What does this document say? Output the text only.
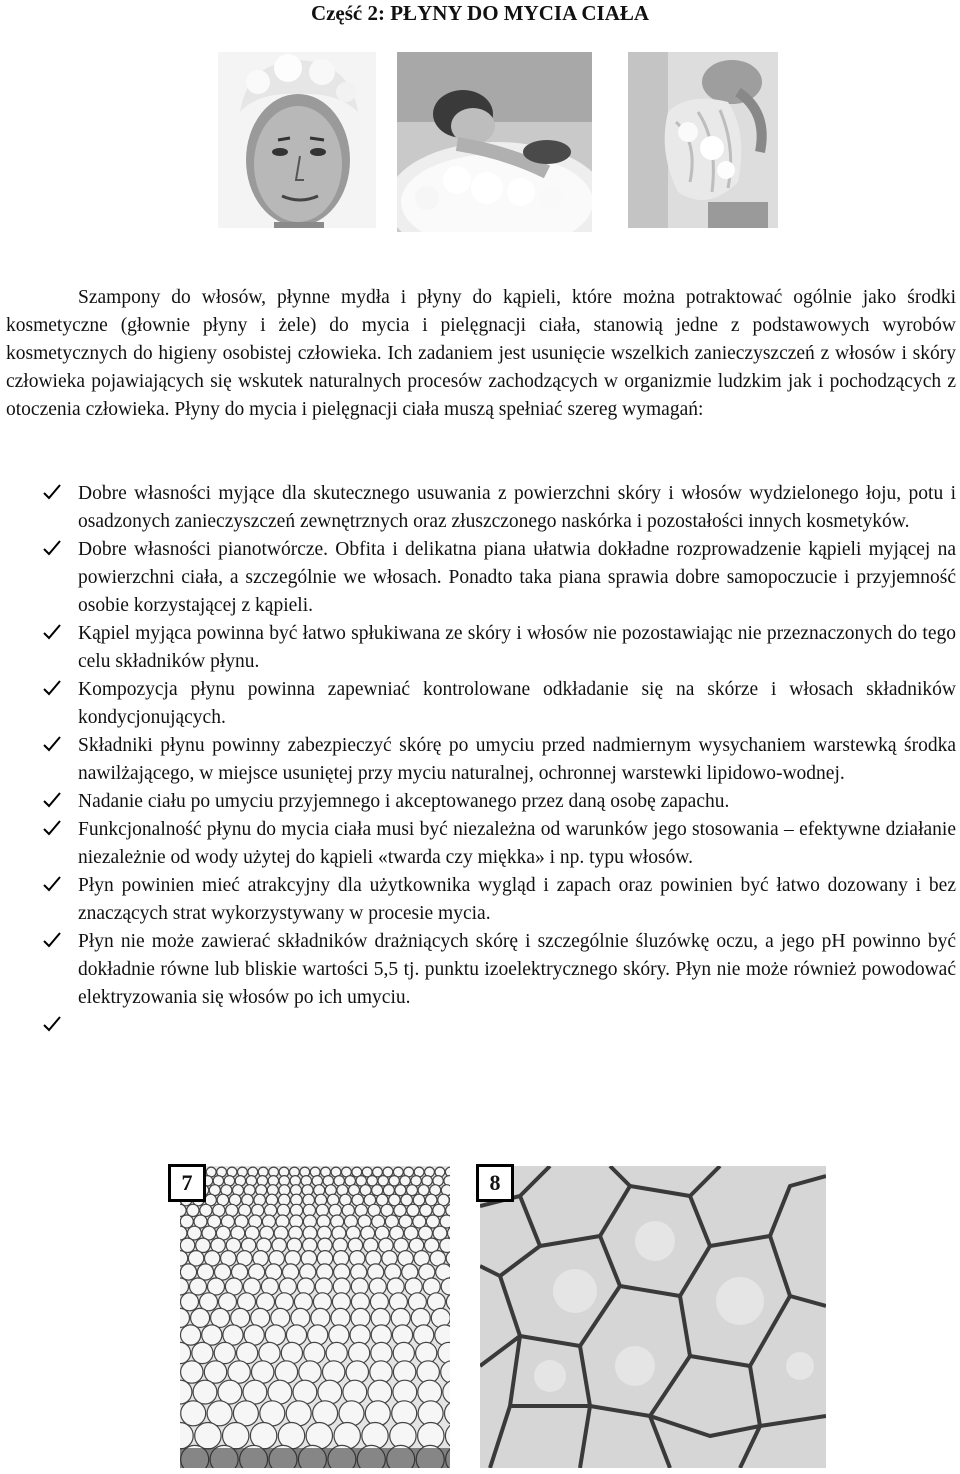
Część 2: PŁYNY DO MYCIA CIAŁA

Szampony do włosów, płynne mydła i płyny do kąpieli, które można potraktować ogólnie jako środki kosmetyczne (głownie płyny i żele) do mycia i pielęgnacji ciała, stanowią jedne z podstawowych wyrobów kosmetycznych do higieny osobistej człowieka. Ich zadaniem jest usunięcie wszelkich zanieczyszczeń z włosów i skóry człowieka pojawiających się wskutek naturalnych procesów zachodzących w organizmie ludzkim jak i pochodzących z otoczenia człowieka. Płyny do mycia i pielęgnacji ciała muszą spełniać szereg wymagań:

Dobre własności myjące dla skutecznego usuwania z powierzchni skóry i włosów wydzielonego łoju, potu i osadzonych zanieczyszczeń zewnętrznych oraz złuszczonego naskórka i pozostałości innych kosmetyków.
Dobre własności pianotwórcze. Obfita i delikatna piana ułatwia dokładne rozprowadzenie kąpieli myjącej na powierzchni ciała, a szczególnie we włosach. Ponadto taka piana sprawia dobre samopoczucie i przyjemność osobie korzystającej z kąpieli.
Kąpiel myjąca powinna być łatwo spłukiwana ze skóry i włosów nie pozostawiając nie przeznaczonych do tego celu składników płynu.
Kompozycja płynu powinna zapewniać kontrolowane odkładanie się na skórze i włosach składników kondycjonujących.
Składniki płynu powinny zabezpieczyć skórę po umyciu przed nadmiernym wysychaniem warstewką środka nawilżającego, w miejsce usuniętej przy myciu naturalnej, ochronnej warstewki lipidowo-wodnej.
Nadanie ciału po umyciu przyjemnego i akceptowanego przez daną osobę zapachu.
Funkcjonalność płynu do mycia ciała musi być niezależna od warunków jego stosowania – efektywne działanie niezależnie od wody użytej do kąpieli «twarda czy miękka» i np. typu włosów.
Płyn powinien mieć atrakcyjny dla użytkownika wygląd i zapach oraz powinien być łatwo dozowany i bez znaczących strat wykorzystywany w procesie mycia.
Płyn nie może zawierać składników drażniących skórę i szczególnie śluzówkę oczu, a jego pH powinno być dokładnie równe lub bliskie wartości 5,5 tj. punktu izoelektrycznego skóry. Płyn nie może również powodować elektryzowania się włosów po ich umyciu.
7	8
